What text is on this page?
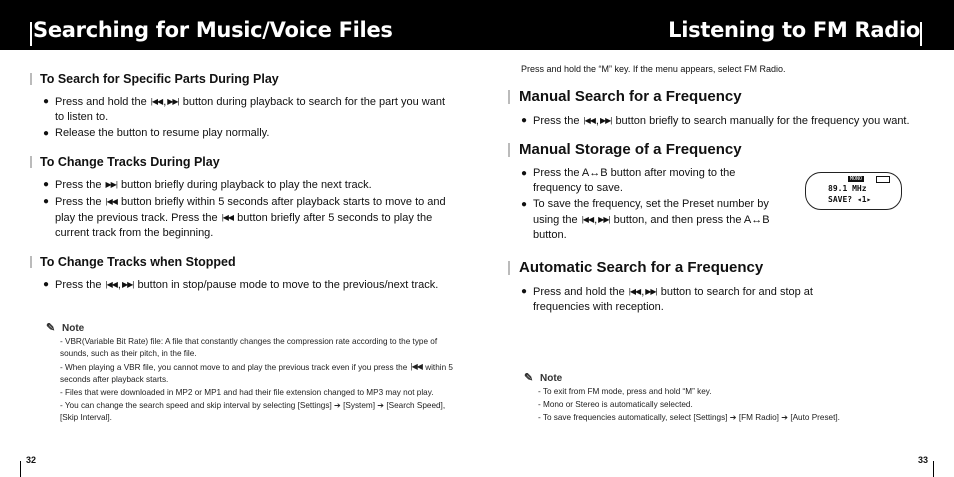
Searching for Music/Voice Files	Listening to FM Radio
To Search for Specific Parts During Play
● Press and hold the |◀◀,▶▶| button during playback to search for the part you want to listen to.
● Release the button to resume play normally.
To Change Tracks During Play
● Press the ▶▶| button briefly during playback to play the next track.
● Press the |◀◀ button briefly within 5 seconds after playback starts to move to and play the previous track. Press the |◀◀ button briefly after 5 seconds to play the current track from the beginning.
To Change Tracks when Stopped
● Press the |◀◀,▶▶| button in stop/pause mode to move to the previous/next track.
✎ Note
- VBR(Variable Bit Rate) file: A file that constantly changes the compression rate according to the type of sounds, such as their pitch, in the file.
- When playing a VBR file, you cannot move to and play the previous track even if you press the |◀◀ within 5 seconds after playback starts.
- Files that were downloaded in MP2 or MP1 and had their file extension changed to MP3 may not play.
- You can change the search speed and skip interval by selecting [Settings] ➔ [System] ➔ [Search Speed], [Skip Interval].
Press and hold the “M” key. If the menu appears, select FM Radio.
Manual Search for a Frequency
● Press the |◀◀,▶▶| button briefly to search manually for the frequency you want.
Manual Storage of a Frequency
● Press the A↔B button after moving to the frequency to save.
● To save the frequency, set the Preset number by using the |◀◀,▶▶| button, and then press the A↔B button.
Automatic Search for a Frequency
● Press and hold the |◀◀,▶▶| button to search for and stop at frequencies with reception.
✎ Note
- To exit from FM mode, press and hold “M” key.
- Mono or Stereo is automatically selected.
- To save frequencies automatically, select [Settings] ➔ [FM Radio] ➔ [Auto Preset].
MONO
89.1 MHz
SAVE? ◂1▸
32	33
